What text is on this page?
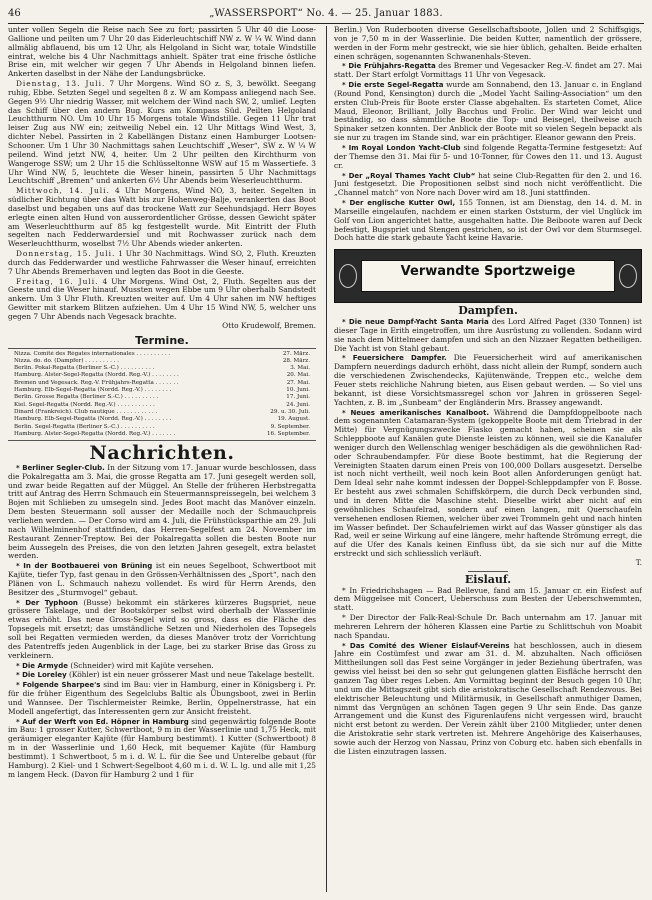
46	„WASSERSPORT“ No. 4. — 25. Januar 1883.

unter vollen Segeln die Reise nach See zu fort; passirten 5 Uhr 40 die Loose-Gallione und peilten um 7 Uhr 20 das Eiderleuchtschiff NW z. W ¼ W. Wind dann allmälig abflauend, bis um 12 Uhr, als Helgoland in Sicht war, totale Windstille eintrat, welche bis 4 Uhr Nachmittags anhielt. Später trat eine frische östliche Brise ein, mit welcher wir gegen 7 Uhr Abends in Helgoland binnen liefen. Ankerten daselbst in der Nähe der Landungsbrücke.

Dienstag, 13. Juli. 7 Uhr Morgens. Wind SO z. S, 3, bewölkt. Seegang ruhig, Ebbe. Setzten Segel und segelten 8 z. W am Kompass anliegend nach See. Gegen 9½ Uhr niedrig Wasser, mit welchem der Wind nach SW, 2, umlief. Legten das Schiff über den andern Bug. Kurs am Kompass Süd. Peilten Helgoland Leuchtthurm NO. Um 10 Uhr 15 Morgens totale Windstille. Gegen 11 Uhr trat leiser Zug aus NW ein; zeitweilig Nebel ein. 12 Uhr Mittags Wind West, 3, dichter Nebel. Passirten in 2 Kabellängen Distanz einen Hamburger Lootsen-Schooner. Um 1 Uhr 30 Nachmittags sahen Leuchtschiff „Weser“, SW z. W ¼ W peilend. Wind jetzt NW, 4, heiter. Um 2 Uhr peilten den Kirchthurm von Wangeroge SSW; um 2 Uhr 15 die Schlüsseltonne WSW auf 15 m Wassertiefe. 3 Uhr Wind NW, 5, leuchtete die Weser hinein, passirten 5 Uhr Nachmittags Leuchtschiff „Bremen“ und ankerten 6½ Uhr Abends beim Weserleuchtthurm.

Mittwoch, 14. Juli. 4 Uhr Morgens, Wind NO, 3, heiter. Segelten in südlicher Richtung über das Watt bis zur Hohenweg-Balje, verankerten das Boot daselbst und begaben uns auf das trockene Watt zur Seehundsjagd. Herr Boyes erlegte einen alten Hund von ausserordentlicher Grösse, dessen Gewicht später am Weserleuchtthurm auf 85 kg festgestellt wurde. Mit Eintritt der Fluth segelten nach Fedderwardersiel und mit Rochwasser zurück nach dem Weserleuchtthurm, woselbst 7½ Uhr Abends wieder ankerten.

Donnerstag, 15. Juli. 1 Uhr 30 Nachmittags. Wind SO, 2, Fluth. Kreuzten durch das Fedderwarder und westliche Fahrwasser die Weser hinauf, erreichten 7 Uhr Abends Bremerhaven und legten das Boot in die Geeste.

Freitag, 16. Juli. 4 Uhr Morgens. Wind Ost, 2, Fluth. Segelten aus der Geeste und die Weser hinauf. Mussten wegen Ebbe um 9 Uhr oberhalb Sandstedt ankern. Um 3 Uhr Fluth. Kreuzten weiter auf. Um 4 Uhr sahen im NW heftiges Gewitter mit starkem Blitzen aufziehen. Um 4 Uhr 15 Wind NW, 5, welcher uns gegen 7 Uhr Abends nach Vegesack brachte.
Otto Krudewolf, Bremen.

Termine.
Nizza. Comité des Régates internationales . . . . . . . . . .	27. März.
Nizza. do. do. (Dampfer) . . . . . . . . . .	28. März.
Berlin. Pokal-Regatta (Berliner S.-C.) . . . . . . . . . .	3. Mai.
Hamburg. Alster-Segel-Regatta (Nordd. Reg.-V.) . . . . . . . .	20. Mai.
Bremen und Vegesack. Reg.-V. Frühjahrs-Regatta . . . . . . .	27. Mai.
Hamburg. Elb-Segel-Regatta (Nordd. Reg.-V.) . . . . . . . .	10. Juni.
Berlin. Grosse Regatta (Berliner S.-C.) . . . . . . . . . .	17. Juni.
Kiel. Segel-Regatta (Nordd. Reg.-V.) . . . . . . . . . . .	24. Juni.
Dinard (Frankreich). Club nautique . . . . . . . . . . . .	29. u. 30. Juli.
Hamburg. Elb-Segel-Regatta (Nordd. Reg.-V.) . . . . . . . .	19. August.
Berlin. Segel-Regatta (Berliner S.-C.) . . . . . . . . . .	9. September.
Hamburg. Alster-Segel-Regatta (Nordd. Reg.-V.) . . . . . . .	16. September.
Nachrichten.

* Berliner Segler-Club. In der Sitzung vom 17. Januar wurde beschlossen, dass die Pokalregatta am 3. Mai, die grosse Regatta am 17. Juni gesegelt werden soll, und zwar beide Regatten auf der Müggel. An Stelle der früheren Herbstregatta tritt auf Antrag des Herrn Schmauch ein Steuermannspreissegeln, bei welchem 3 Bojen mit Schlieben zu umsegeln sind. Jedes Boot macht das Manöver einzeln. Dem besten Steuermann soll ausser der Medaille noch der Schmauchpreis verliehen werden. — Der Corso wird am 4. Juli, die Frühstücksparthie am 29. Juli nach Wilhelminenhof stattfinden, das Herren-Segelfest am 24. November im Restaurant Zenner-Treptow. Bei der Pokalregatta sollen die besten Boote nur beim Aussegeln des Preises, die von den letzten Jahren gesegelt, extra belastet werden.

* In der Bootbauerei von Brüning ist ein neues Segelboot, Schwertboot mit Kajüte, tiefer Typ, fast genau in den Grössen-Verhältnissen des „Sport“, nach den Plänen von L. Schmauch nahezu vollendet. Es wird für Herrn Arends, den Besitzer des „Sturmvogel“ gebaut.

* Der Typhoon (Busse) bekommt ein stärkeres kürzeres Bugspriet, neue grössere Takelage, und der Bootskörper selbst wird oberhalb der Wasserlinie etwas erhöht. Das neue Gross-Segel wird so gross, dass es die Fläche des Topsegels mit ersetzt; das umständliche Setzen und Niederholen des Topsegels soll bei Regatten vermieden werden, da dieses Manöver trotz der Vorrichtung des Patentreffs jeden Augenblick in der Lage, bei zu starker Brise das Gross zu verkleinern.

* Die Armyde (Schneider) wird mit Kajüte versehen.

* Die Loreley (Köhler) ist ein neuer grösserer Mast und neue Takelage bestellt.

* Folgende Sharpee's sind im Bau: vier in Hamburg, einer in Königsberg i. Pr. für die früher Eigenthum des Segelclubs Baltic als Übungsboot, zwei in Berlin und Wannsee. Der Tischlermeister Reimke, Berlin, Oppelnerstrasse, hat ein Modell angefertigt, das Interessenten gern zur Ansicht freisteht.

* Auf der Werft von Ed. Höpner in Hamburg sind gegenwärtig folgende Boote im Bau: 1 grosser Kutter, Schwertboot, 9 m in der Wasserlinie und 1,75 Heck, mit geräumiger eleganter Kajüte (für Hamburg bestimmt). 1 Kutter (Schwertboot) 8 m in der Wasserlinie und 1,60 Heck, mit bequemer Kajüte (für Hamburg bestimmt). 1 Schwertboot, 5 m i. d. W. L. für die See und Unterelbe gebaut (für Hamburg). 2 Kiel- und 1 Schwert-Segelboot 4,60 m i. d. W. L. lg. und alle mit 1,25 m langem Heck. (Davon für Hamburg 2 und 1 für

Berlin.) Von Ruderbooten diverse Gesellschaftsboote, Jollen und 2 Schiffsgigs, von je 7,50 m in der Wasserlinie. Die beiden Kutter, namentlich der grössere, werden in der Form mehr gestreckt, wie sie hier üblich, gehalten. Beide erhalten einen schrägen, sogenannten Schwanenhals-Steven.

* Die Frühjahrs-Regatta des Bremer und Vegesacker Reg.-V. findet am 27. Mai statt. Der Start erfolgt Vormittags 11 Uhr von Vegesack.

* Die erste Segel-Regatta wurde am Sonnabend, den 13. Januar c. in England (Round Pond, Kensington) durch die „Model Yacht Sailing-Association“ um den ersten Club-Preis für Boote erster Classe abgehalten. Es starteten Comet, Alice Maud, Eleonor, Brilliant, Jolly Bacchus und Frolic. Der Wind war leicht und beständig, so dass sämmtliche Boote die Top- und Beisegel, theilweise auch Spinaker setzen konnten. Der Anblick der Boote mit so vielen Segeln bepackt als sie nur zu tragen im Stande sind, war ein prächtiger. Eleanor gewann den Preis.

* Im Royal London Yacht-Club sind folgende Regatta-Termine festgesetzt: Auf der Themse den 31. Mai für 5- und 10-Tonner, für Cowes den 11. und 13. August cr.

* Der „Royal Thames Yacht Club“ hat seine Club-Regatten für den 2. und 16. Juni festgesetzt. Die Propositionen selbst sind noch nicht veröffentlicht. Die „Channel match“ von Nore nach Dover wird am 18. Juni stattfinden.

* Der englische Kutter Owl, 155 Tonnen, ist am Dienstag, den 14. d. M. in Marseille eingelaufen, nachdem er einen starken Oststurm, der viel Unglück im Golf von Lion angerichtet hatte, ausgehalten hatte. Die Beiboote waren auf Deck befestigt, Bugspriet und Stengen gestrichen, so ist der Owl vor dem Sturmsegel. Doch hatte die stark gebaute Yacht keine Havarie.

Verwandte Sportzweige
Dampfen.

* Die neue Dampf-Yacht Santa Maria des Lord Alfred Paget (330 Tonnen) ist dieser Tage in Erith eingetroffen, um ihre Ausrüstung zu vollenden. Sodann wird sie nach dem Mittelmeer dampfen und sich an den Nizzaer Regatten betheiligen. Die Yacht ist von Stahl gebaut.

* Feuersichere Dampfer. Die Feuersicherheit wird auf amerikanischen Dampfern neuerdings dadurch erhöht, dass nicht allein der Rumpf, sondern auch die verschiedenen Zwischendecks, Kajütenwände, Treppen etc., welche dem Feuer stets reichliche Nahrung bieten, aus Eisen gebaut werden. — So viel uns bekannt, ist diese Vorsichtsmassregel schon vor Jahren in grösseren Segel-Yachten, z. B. im „Sunbeam“ der Engländerin Mrs. Brassey angewandt.

* Neues amerikanisches Kanalboot. Während die Dampfdoppelboote nach dem sogenannten Catamaran-System (gekoppelte Boote mit dem Triebrad in der Mitte) für Vergnügungszwecke Fiasko gemacht haben, scheinen sie als Schleppboote auf Kanälen gute Dienste leisten zu können, weil sie die Kanalufer weniger durch den Wellenschlag weniger beschädigen als die gewöhnlichen Rad- oder Schraubendampfer. Für diese Boote bestimmt, hat die Regierung der Vereinigten Staaten darum einen Preis von 100,000 Dollars ausgesetzt. Derselbe ist noch nicht vertheilt, weil noch kein Boot allen Anforderungen genügt hat. Dem Ideal sehr nahe kommt indessen der Doppel-Schleppdampfer von F. Bosse. Er besteht aus zwei schmalen Schiffskörpern, die durch Deck verbunden sind, und in deren Mitte die Maschine steht. Dieselbe wirkt aber nicht auf ein gewöhnliches Schaufelrad, sondern auf einen langen, mit Querschaufeln versehenen endlosen Riemen, welcher über zwei Trommeln geht und nach hinten im Wasser befindet. Der Schaufelriemen wirkt auf das Wasser günstiger als das Rad, weil er seine Wirkung auf eine längere, mehr haftende Strömung erregt, die auf die Ufer des Kanals keinen Einfluss übt, da sie sich nur auf die Mitte erstreckt und sich schliesslich verläuft.
T.

Eislauf.

* In Friedrichshagen — Bad Bellevue, fand am 15. Januar cr. ein Eisfest auf dem Müggelsee mit Concert, Ueberschuss zum Besten der Ueberschwemmten, statt.

* Der Director der Falk-Real-Schule Dr. Bach unternahm am 17. Januar mit mehreren Lehrern der höheren Klassen eine Partie zu Schlittschuh von Moabit nach Spandau.

* Das Comité des Wiener Eislauf-Vereins hat beschlossen, auch in diesem Jahre ein Costümfest und zwar am 31. d. M. abzuhalten. Nach officiösen Mittheilungen soll das Fest seine Vorgänger in jeder Beziehung übertrafen, was gewiss viel heisst bei den so sehr gut gelungenen glatten Eisfläche herrscht den ganzen Tag über reges Leben. Am Vormittag beginnt der Besuch gegen 10 Uhr, und um die Mittagszeit gibt sich die aristokratische Gesellschaft Rendezvous. Bei elektrischer Beleuchtung und Militärmusik, in Gesellschaft anmuthiger Damen, nimmt das Vergnügen an schönen Tagen gegen 9 Uhr sein Ende. Das ganze Arrangement und die Kunst des Figurenlaufens nicht vergessen wird, braucht nicht erst betont zu werden. Der Verein zählt über 2100 Mitglieder, unter denen die Aristokratie sehr stark vertreten ist. Mehrere Angehörige des Kaiserhauses, sowie auch der Herzog von Nassau, Prinz von Coburg etc. haben sich ebenfalls in die Listen einzutragen lassen.
